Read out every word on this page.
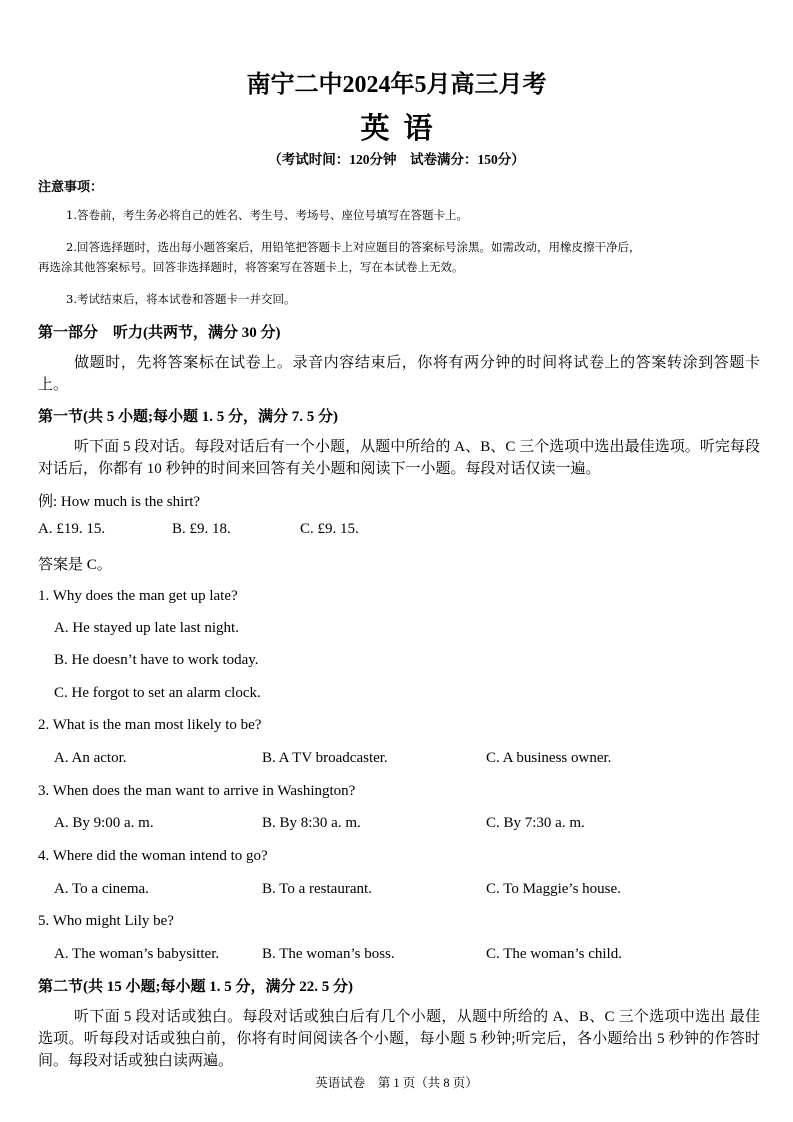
南宁二中2024年5月高三月考
英语
（考试时间：120分钟　试卷满分：150分）
注意事项：
1.答卷前，考生务必将自己的姓名、考生号、考场号、座位号填写在答题卡上。
2.回答选择题时，选出每小题答案后，用铅笔把答题卡上对应题目的答案标号涂黑。如需改动，用橡皮擦干净后，
再选涂其他答案标号。回答非选择题时，将答案写在答题卡上，写在本试卷上无效。
3.考试结束后，将本试卷和答题卡一并交回。
第一部分　听力(共两节，满分 30 分)
做题时，先将答案标在试卷上。录音内容结束后，你将有两分钟的时间将试卷上的答案转涂到答题卡上。
第一节(共 5 小题;每小题 1. 5 分，满分 7. 5 分)
听下面 5 段对话。每段对话后有一个小题，从题中所给的 A、B、C 三个选项中选出最佳选项。听完每段对话后，你都有 10 秒钟的时间来回答有关小题和阅读下一小题。每段对话仅读一遍。
例: How much is the shirt?
A. £19. 15.	B. £9. 18.	C. £9. 15.
答案是 C。
1. Why does the man get up late?
A. He stayed up late last night.
B. He doesn’t have to work today.
C. He forgot to set an alarm clock.
2. What is the man most likely to be?
A. An actor.	B. A TV broadcaster.	C. A business owner.
3. When does the man want to arrive in Washington?
A. By 9:00 a. m.	B. By 8:30 a. m.	C. By 7:30 a. m.
4. Where did the woman intend to go?
A. To a cinema.	B. To a restaurant.	C. To Maggie’s house.
5. Who might Lily be?
A. The woman’s babysitter.	B. The woman’s boss.	C. The woman’s child.
第二节(共 15 小题;每小题 1. 5 分，满分 22. 5 分)
听下面 5 段对话或独白。每段对话或独白后有几个小题，从题中所给的 A、B、C 三个选项中选出 最佳选项。听每段对话或独白前，你将有时间阅读各个小题，每小题 5 秒钟;听完后，各小题给出 5 秒钟的作答时间。每段对话或独白读两遍。
英语试卷　第 1 页（共 8 页）
